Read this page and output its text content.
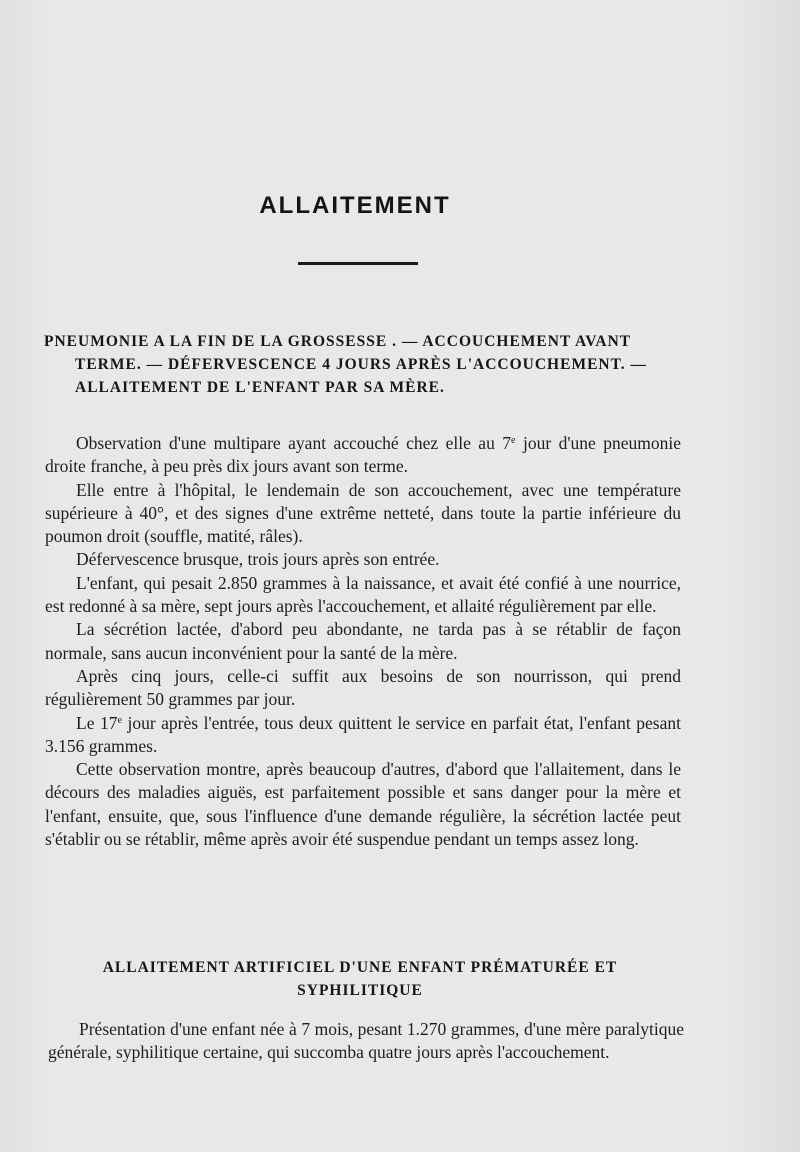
ALLAITEMENT
PNEUMONIE A LA FIN DE LA GROSSESSE . — ACCOUCHEMENT AVANT
TERME. — DÉFERVESCENCE 4 JOURS APRÈS L'ACCOUCHEMENT. —
ALLAITEMENT DE L'ENFANT PAR SA MÈRE.

Observation d'une multipare ayant accouché chez elle au 7e jour d'une pneumonie droite franche, à peu près dix jours avant son terme.

Elle entre à l'hôpital, le lendemain de son accouchement, avec une température supérieure à 40°, et des signes d'une extrême netteté, dans toute la partie inférieure du poumon droit (souffle, matité, râles).

Défervescence brusque, trois jours après son entrée.

L'enfant, qui pesait 2.850 grammes à la naissance, et avait été confié à une nourrice, est redonné à sa mère, sept jours après l'accouchement, et allaité régulièrement par elle.

La sécrétion lactée, d'abord peu abondante, ne tarda pas à se rétablir de façon normale, sans aucun inconvénient pour la santé de la mère.

Après cinq jours, celle-ci suffit aux besoins de son nourrisson, qui prend régulièrement 50 grammes par jour.

Le 17e jour après l'entrée, tous deux quittent le service en parfait état, l'enfant pesant 3.156 grammes.

Cette observation montre, après beaucoup d'autres, d'abord que l'allaitement, dans le décours des maladies aiguës, est parfaitement possible et sans danger pour la mère et l'enfant, ensuite, que, sous l'influence d'une demande régulière, la sécrétion lactée peut s'établir ou se rétablir, même après avoir été suspendue pendant un temps assez long.

ALLAITEMENT ARTIFICIEL D'UNE ENFANT PRÉMATURÉE ET
SYPHILITIQUE

Présentation d'une enfant née à 7 mois, pesant 1.270 grammes, d'une mère paralytique générale, syphilitique certaine, qui succomba quatre jours après l'accouchement.
